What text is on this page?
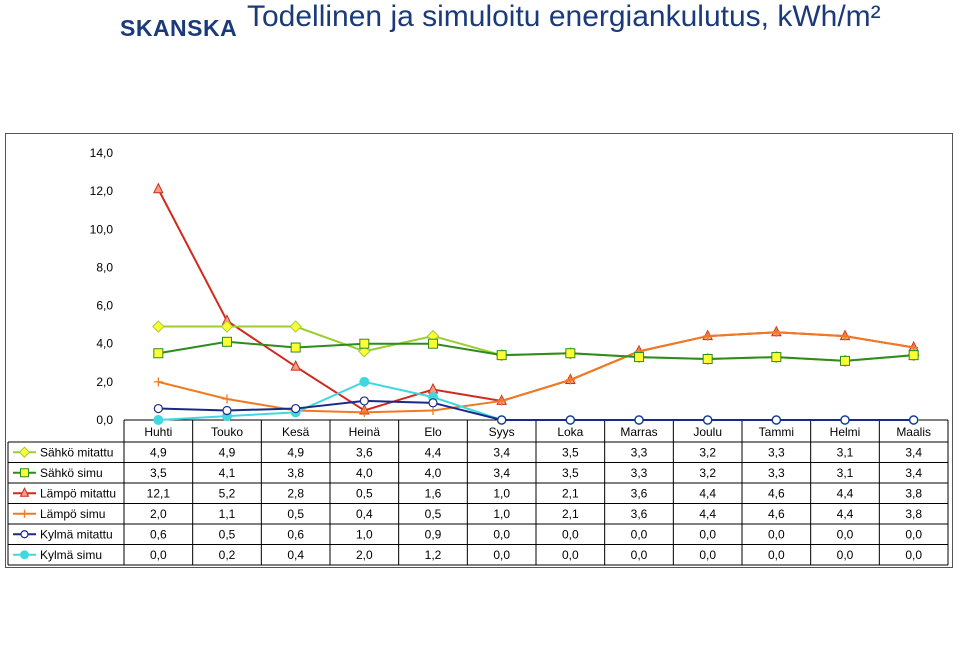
SKANSKA Todellinen ja simuloitu energiankulutus, kWh/m²
14,0
12,0
10,0
8,0
6,0
4,0
2,0
0,0
Huhti	Touko	Kesä	Heinä	Elo	Syys	Loka	Marras	Joulu	Tammi	Helmi	Maalis
Sähkö mitattu	4,9	4,9	4,9	3,6	4,4	3,4	3,5	3,3	3,2	3,3	3,1	3,4
Sähkö simu	3,5	4,1	3,8	4,0	4,0	3,4	3,5	3,3	3,2	3,3	3,1	3,4
Lämpö mitattu	12,1	5,2	2,8	0,5	1,6	1,0	2,1	3,6	4,4	4,6	4,4	3,8
Lämpö simu	2,0	1,1	0,5	0,4	0,5	1,0	2,1	3,6	4,4	4,6	4,4	3,8
Kylmä mitattu	0,6	0,5	0,6	1,0	0,9	0,0	0,0	0,0	0,0	0,0	0,0	0,0
Kylmä simu	0,0	0,2	0,4	2,0	1,2	0,0	0,0	0,0	0,0	0,0	0,0	0,0
